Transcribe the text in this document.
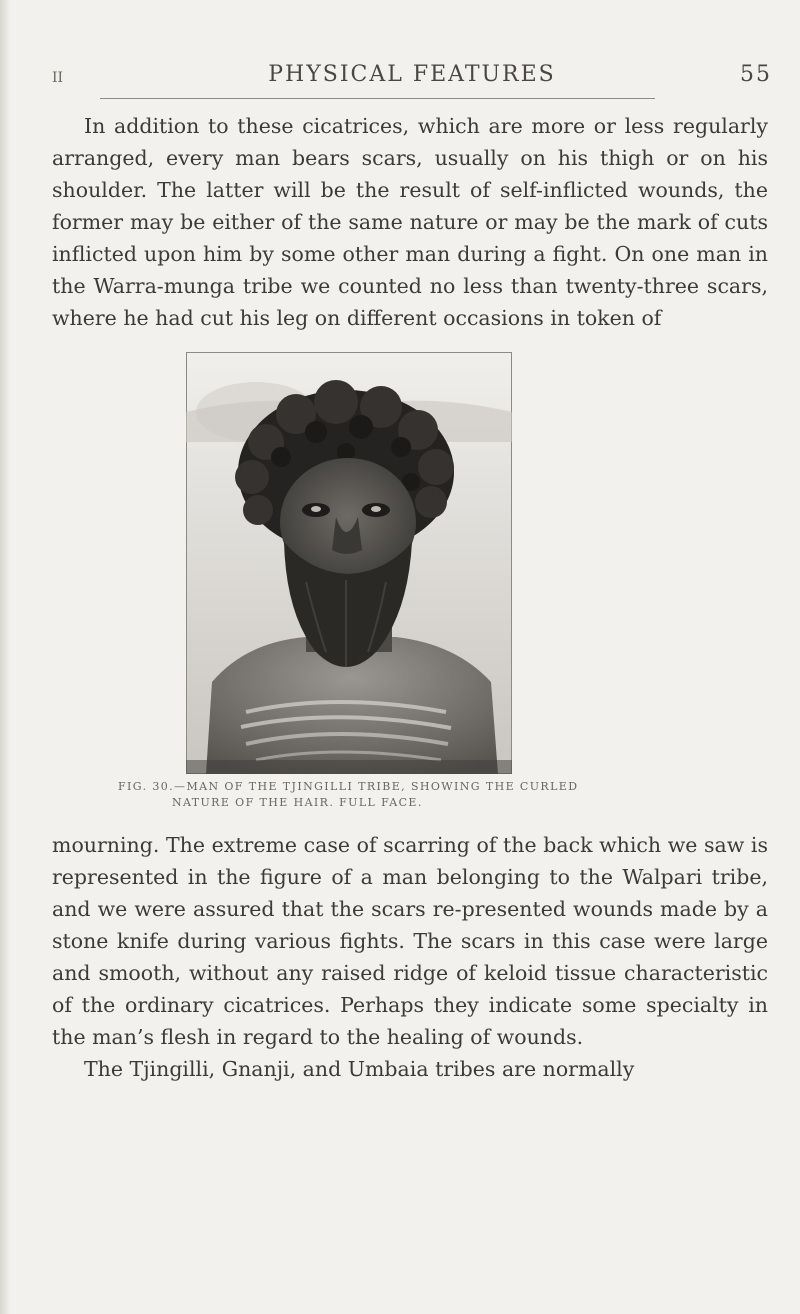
II	PHYSICAL FEATURES	55

In addition to these cicatrices, which are more or less regularly arranged, every man bears scars, usually on his thigh or on his shoulder. The latter will be the result of self-inflicted wounds, the former may be either of the same nature or may be the mark of cuts inflicted upon him by some other man during a fight. On one man in the Warra-munga tribe we counted no less than twenty-three scars, where he had cut his leg on different occasions in token of

FIG. 30.—MAN OF THE TJINGILLI TRIBE, SHOWING THE CURLED

NATURE OF THE HAIR. FULL FACE.

mourning. The extreme case of scarring of the back which we saw is represented in the figure of a man belonging to the Walpari tribe, and we were assured that the scars re-presented wounds made by a stone knife during various fights. The scars in this case were large and smooth, without any raised ridge of keloid tissue characteristic of the ordinary cicatrices. Perhaps they indicate some specialty in the man’s flesh in regard to the healing of wounds.

The Tjingilli, Gnanji, and Umbaia tribes are normally
